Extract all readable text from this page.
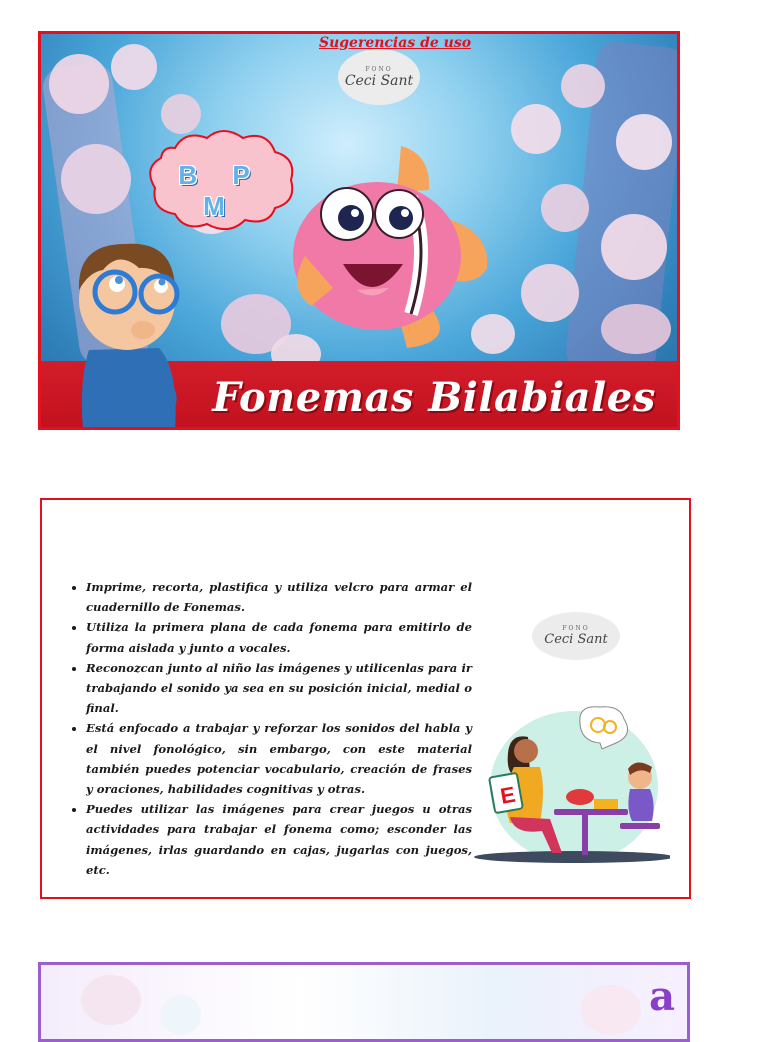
FONO
Ceci Sant
B P M
Fonemas Bilabiales
Sugerencias de uso
• Imprime, recorta, plastifica y utiliza velcro para armar el cuadernillo de Fonemas.
• Utiliza la primera plana de cada fonema para emitirlo de forma aislada y junto a vocales.
• Reconozcan junto al niño las imágenes y utilicenlas para ir trabajando el sonido ya sea en su posición inicial, medial o final.
• Está enfocado a trabajar y reforzar los sonidos del habla y el nivel fonológico, sin embargo, con este material también puedes potenciar vocabulario, creación de frases y oraciones, habilidades cognitivas y otras.
• Puedes utilizar las imágenes para crear juegos u otras actividades para trabajar el fonema como; esconder las imágenes, irlas guardando en cajas, jugarlas con juegos, etc.
FONO
Ceci Sant
E
a
